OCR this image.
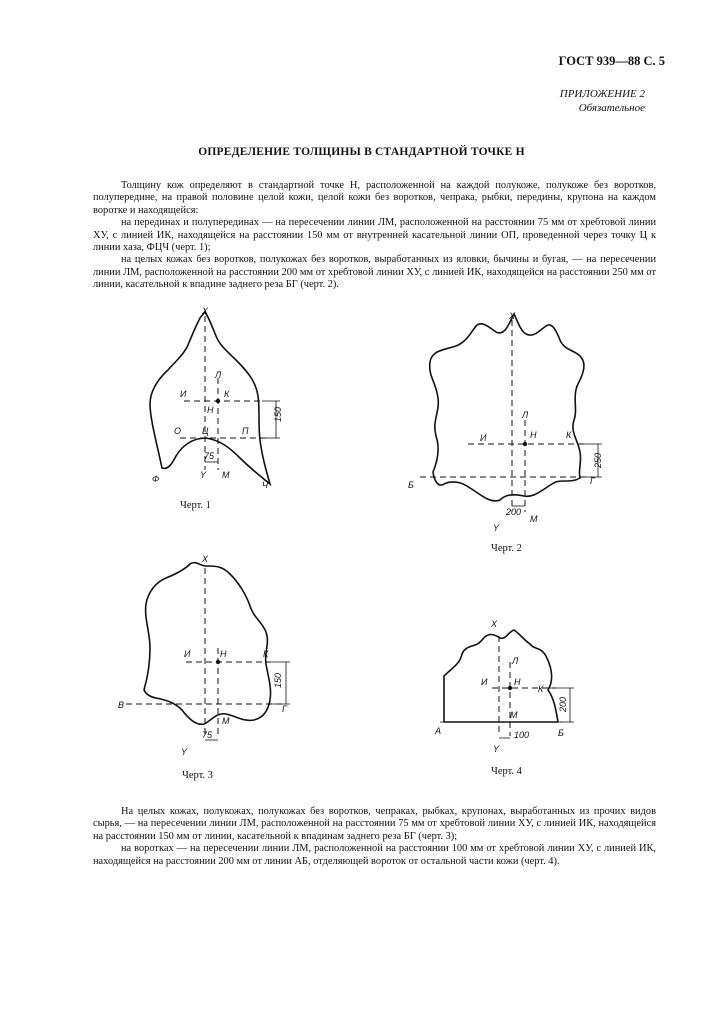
ГОСТ 939—88 С. 5
ПРИЛОЖЕНИЕ 2
Обязательное
ОПРЕДЕЛЕНИЕ ТОЛЩИНЫ В СТАНДАРТНОЙ ТОЧКЕ Н

Толщину кож определяют в стандартной точке Н, расположенной на каждой полукоже, полукоже без воротков, полупередине, на правой половине целой кожи, целой кожи без воротков, чепрака, рыбки, передины, крупона на каждом воротке и находящейся:

на перединах и полуперединах — на пересечении линии ЛМ, расположенной на расстоянии 75 мм от хребтовой линии ХУ, с линией ИК, находящейся на расстоянии 150 мм от внутренней касательной линии ОП, проведенной через точку Ц к линии хаза, ФЦЧ (черт. 1);

на целых кожах без воротков, полукожах без воротков, выработанных из яловки, бычины и бугая, — на пересечении линии ЛМ, расположенной на расстоянии 200 мм от хребтовой линии ХУ, с линией ИК, находящейся на расстоянии 250 мм от линии, касательной к впадине заднего реза БГ (черт. 2).

X
Л
И	К
Н
О Ц	П
Ф
Ч
Y М
150
75
X
Л
И	Н	К
Б	Г
Y
М
250
200
X
И	Н	К
В	Г
М
Y
150
75
X
Л
И	Н
К
А	Б
М
Y
200
100
Черт. 1
Черт. 2
Черт. 3	Черт. 4

На целых кожах, полукожах, полукожах без воротков, чепраках, рыбках, крупонах, выработанных из прочих видов сырья, — на пересечении линии ЛМ, расположенной на расстоянии 75 мм от хребтовой линии ХУ, с линией ИК, находящейся на расстоянии 150 мм от линии, касательной к впадинам заднего реза БГ (черт. 3);

на воротках — на пересечении линии ЛМ, расположенной на расстоянии 100 мм от хребтовой линии ХУ, с линией ИК, находящейся на расстоянии 200 мм от линии АБ, отделяющей вороток от остальной части кожи (черт. 4).
